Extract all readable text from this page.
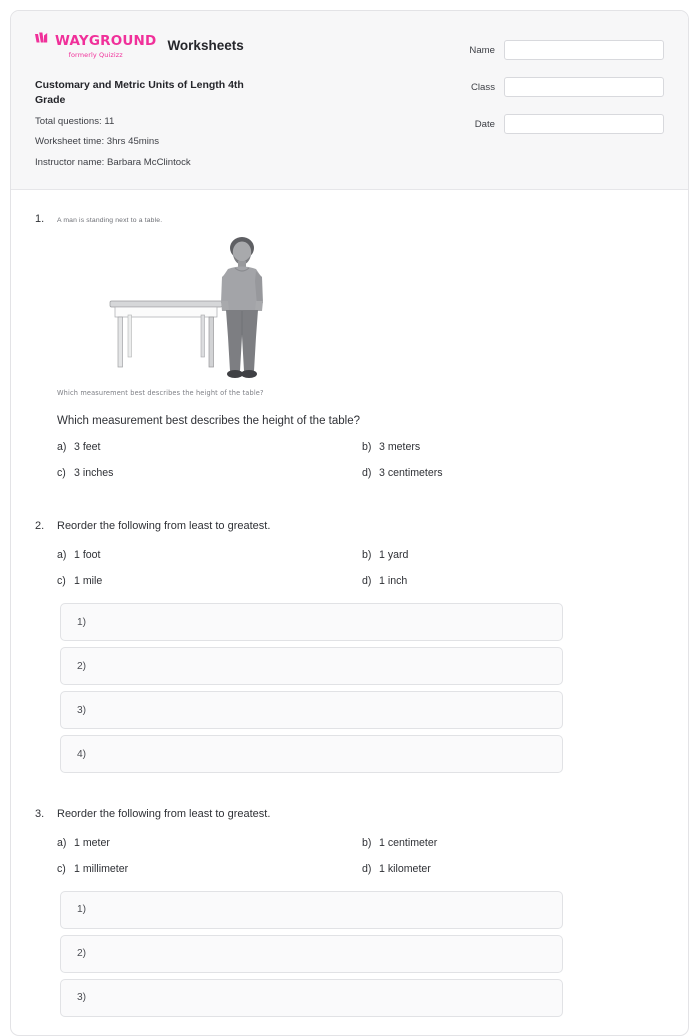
WAYGROUND
formerly Quizizz
Worksheets
Customary and Metric Units of Length 4th Grade
Total questions: 11
Worksheet time: 3hrs 45mins
Instructor name: Barbara McClintock
Name
Class
Date
1.	A man is standing next to a table.
Which measurement best describes the height of the table?
Which measurement best describes the height of the table?
a) 3 feet	b) 3 meters
c) 3 inches	d) 3 centimeters
2.	Reorder the following from least to greatest.
a) 1 foot	b) 1 yard
c) 1 mile	d) 1 inch
1)
2)
3)
4)
3.	Reorder the following from least to greatest.
a) 1 meter	b) 1 centimeter
c) 1 millimeter	d) 1 kilometer
1)
2)
3)
